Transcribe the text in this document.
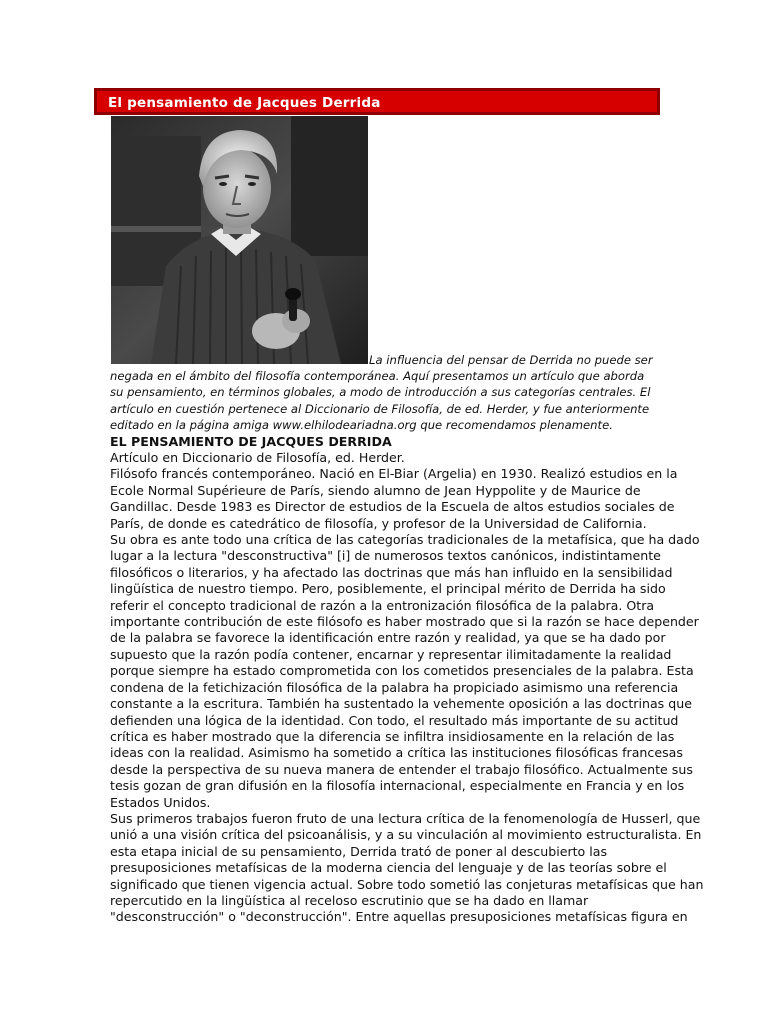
El pensamiento de Jacques Derrida
La influencia del pensar de Derrida no puede ser
negada en el ámbito del filosofía contemporánea. Aquí presentamos un artículo que aborda
su pensamiento, en términos globales, a modo de introducción a sus categorías centrales. El
artículo en cuestión pertenece al Diccionario de Filosofía, de ed. Herder, y fue anteriormente
editado en la página amiga www.elhilodeariadna.org que recomendamos plenamente.
EL PENSAMIENTO DE JACQUES DERRIDA
Artículo en Diccionario de Filosofía, ed. Herder.
Filósofo francés contemporáneo. Nació en El-Biar (Argelia) en 1930. Realizó estudios en la
Ecole Normal Supérieure de París, siendo alumno de Jean Hyppolite y de Maurice de
Gandillac. Desde 1983 es Director de estudios de la Escuela de altos estudios sociales de
París, de donde es catedrático de filosofía, y profesor de la Universidad de California.
Su obra es ante todo una crítica de las categorías tradicionales de la metafísica, que ha dado
lugar a la lectura "desconstructiva" [i] de numerosos textos canónicos, indistintamente
filosóficos o literarios, y ha afectado las doctrinas que más han influido en la sensibilidad
lingüística de nuestro tiempo. Pero, posiblemente, el principal mérito de Derrida ha sido
referir el concepto tradicional de razón a la entronización filosófica de la palabra. Otra
importante contribución de este filósofo es haber mostrado que si la razón se hace depender
de la palabra se favorece la identificación entre razón y realidad, ya que se ha dado por
supuesto que la razón podía contener, encarnar y representar ilimitadamente la realidad
porque siempre ha estado comprometida con los cometidos presenciales de la palabra. Esta
condena de la fetichización filosófica de la palabra ha propiciado asimismo una referencia
constante a la escritura. También ha sustentado la vehemente oposición a las doctrinas que
defienden una lógica de la identidad. Con todo, el resultado más importante de su actitud
crítica es haber mostrado que la diferencia se infiltra insidiosamente en la relación de las
ideas con la realidad. Asimismo ha sometido a crítica las instituciones filosóficas francesas
desde la perspectiva de su nueva manera de entender el trabajo filosófico. Actualmente sus
tesis gozan de gran difusión en la filosofía internacional, especialmente en Francia y en los
Estados Unidos.
Sus primeros trabajos fueron fruto de una lectura crítica de la fenomenología de Husserl, que
unió a una visión crítica del psicoanálisis, y a su vinculación al movimiento estructuralista. En
esta etapa inicial de su pensamiento, Derrida trató de poner al descubierto las
presuposiciones metafísicas de la moderna ciencia del lenguaje y de las teorías sobre el
significado que tienen vigencia actual. Sobre todo sometió las conjeturas metafísicas que han
repercutido en la lingüística al receloso escrutinio que se ha dado en llamar
"desconstrucción" o "deconstrucción". Entre aquellas presuposiciones metafísicas figura en
